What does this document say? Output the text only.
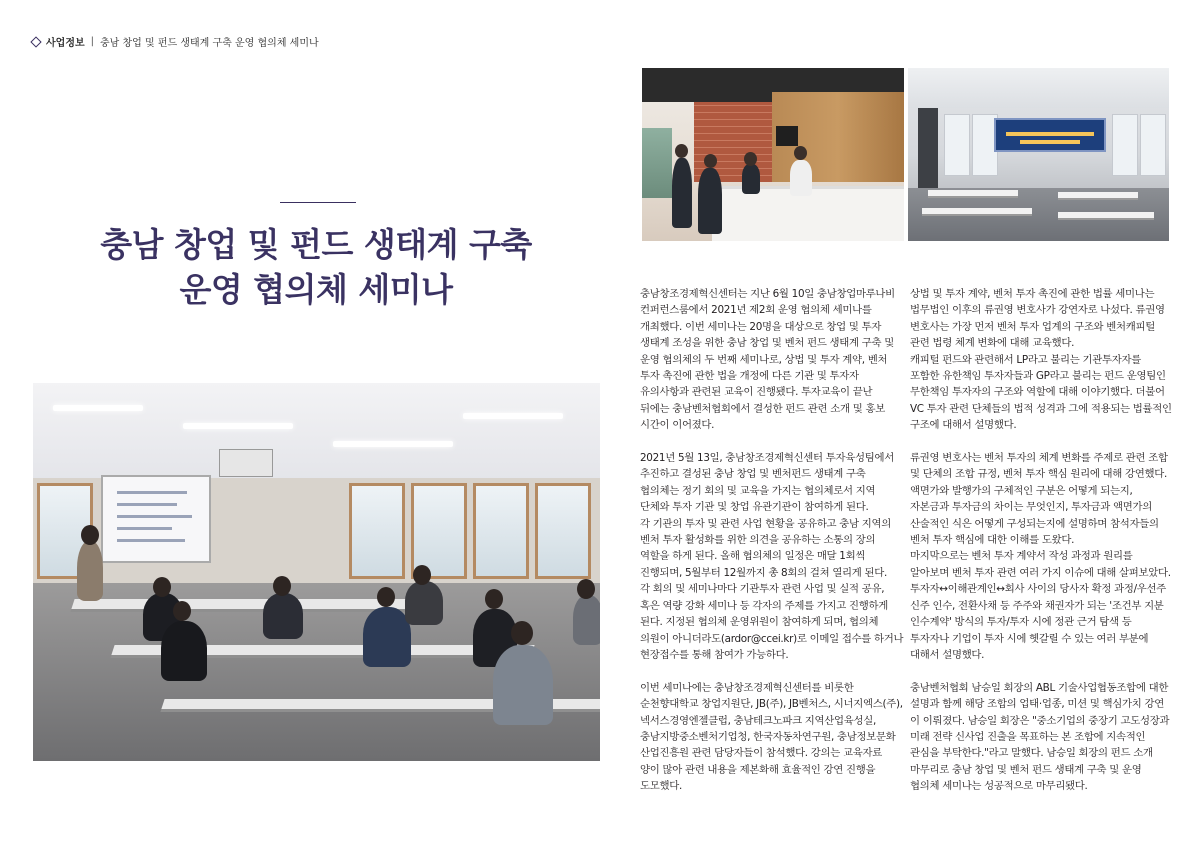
사업정보 | 충남 창업 및 펀드 생태계 구축 운영 협의체 세미나
충남 창업 및 펀드 생태계 구축
운영 협의체 세미나	충남창조경제혁신센터는 지난 6월 10일 충남창업마루나비
컨퍼런스룸에서 2021년 제2회 운영 협의체 세미나를
개최했다. 이번 세미나는 20명을 대상으로 창업 및 투자
생태계 조성을 위한 충남 창업 및 벤처 펀드 생태계 구축 및
운영 협의체의 두 번째 세미나로, 상법 및 투자 계약, 벤처
투자 촉진에 관한 법을 개정에 다른 기관 및 투자자
유의사항과 관련된 교육이 진행됐다. 투자교육이 끝난
뒤에는 충남벤처협회에서 결성한 펀드 관련 소개 및 홍보
시간이 이어졌다.
2021년 5월 13일, 충남창조경제혁신센터 투자육성팀에서
추진하고 결성된 충남 창업 및 벤처펀드 생태계 구축
협의체는 정기 회의 및 교육을 가지는 협의체로서 지역
단체와 투자 기관 및 창업 유관기관이 참여하게 된다.
각 기관의 투자 및 관련 사업 현황을 공유하고 충남 지역의
벤처 투자 활성화를 위한 의견을 공유하는 소통의 장의
역할을 하게 된다. 올해 협의체의 일정은 매달 1회씩
진행되며, 5월부터 12월까지 총 8회의 걸쳐 열리게 된다.
각 회의 및 세미나마다 기관투자 관련 사업 및 실적 공유,
혹은 역량 강화 세미나 등 각자의 주제를 가지고 진행하게
된다. 지정된 협의체 운영위원이 참여하게 되며, 협의체
의원이 아니더라도(ardor@ccei.kr)로 이메일 접수를 하거나
현장접수를 통해 참여가 가능하다.
이번 세미나에는 충남창조경제혁신센터를 비롯한
순천향대학교 창업지원단, JB(주), JB벤처스, 시너지엑스(주),
넥서스경영엔젤클럽, 충남테크노파크 지역산업육성실,
충남지방중소벤처기업청, 한국자동차연구원, 충남정보문화
산업진흥원 관련 담당자들이 참석했다. 강의는 교육자료
양이 많아 관련 내용을 제본화해 효율적인 강연 진행을
도모했다.
상법 및 투자 계약, 벤처 투자 촉진에 관한 법률 세미나는
법무법인 이후의 류권영 변호사가 강연자로 나섰다. 류권영
변호사는 가장 먼저 벤처 투자 업계의 구조와 벤처캐피털
관련 법령 체계 변화에 대해 교육했다.
캐피털 펀드와 관련해서 LP라고 불리는 기관투자자를
포함한 유한책임 투자자들과 GP라고 불리는 펀드 운영팀인
무한책임 투자자의 구조와 역할에 대해 이야기했다. 더불어
VC 투자 관련 단체들의 법적 성격과 그에 적용되는 법률적인
구조에 대해서 설명했다.
류권영 변호사는 벤처 투자의 체계 변화를 주제로 관련 조합
및 단체의 조합 규정, 벤처 투자 핵심 원리에 대해 강연했다.
액면가와 발행가의 구체적인 구분은 어떻게 되는지,
자본금과 투자금의 차이는 무엇인지, 투자금과 액면가의
산술적인 식은 어떻게 구성되는지에 설명하며 참석자들의
벤처 투자 핵심에 대한 이해를 도왔다.
마지막으로는 벤처 투자 계약서 작성 과정과 원리를
알아보며 벤처 투자 관련 여러 가지 이슈에 대해 살펴보았다.
투자자↔이해관계인↔회사 사이의 당사자 확정 과정/우선주
신주 인수, 전환사채 등 주주와 채권자가 되는 '조건부 지분
인수계약' 방식의 투자/투자 시에 정관 근거 탐색 등
투자자나 기업이 투자 시에 헷갈릴 수 있는 여러 부분에
대해서 설명했다.
충남벤처협회 남승일 회장의 ABL 기술사업협동조합에 대한
설명과 함께 해당 조합의 업태·업종, 미션 및 핵심가치 강연
이 이뤄졌다. 남승일 회장은 "중소기업의 중장기 고도성장과
미래 전략 신사업 진출을 목표하는 본 조합에 지속적인
관심을 부탁한다."라고 말했다. 남승일 회장의 펀드 소개
마무리로 충남 창업 및 벤처 펀드 생태계 구축 및 운영
협의체 세미나는 성공적으로 마무리됐다.
